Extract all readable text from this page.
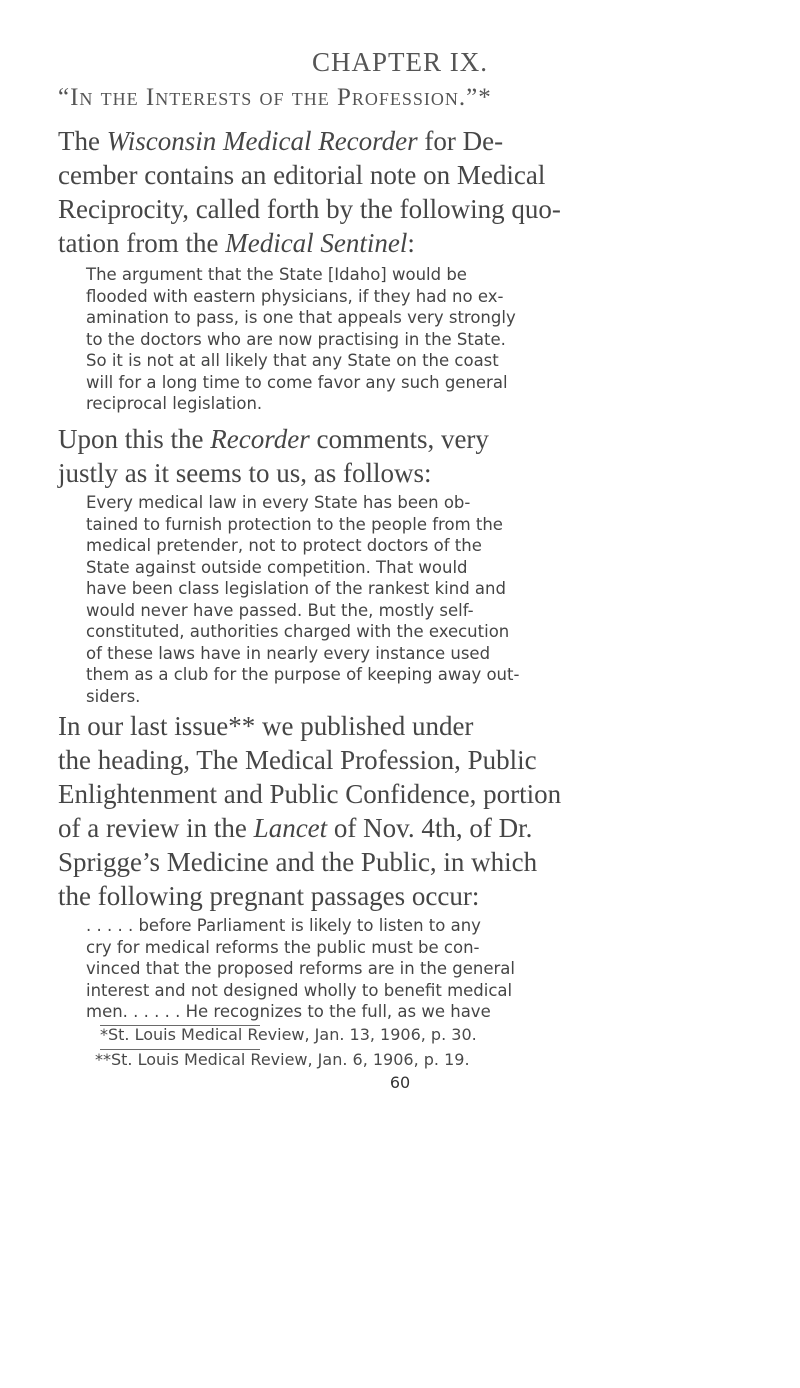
CHAPTER IX.
“In the Interests of the Profession.”*
The Wisconsin Medical Recorder for De-
cember contains an editorial note on Medical
Reciprocity, called forth by the following quo-
tation from the Medical Sentinel:
The argument that the State [Idaho] would be
flooded with eastern physicians, if they had no ex-
amination to pass, is one that appeals very strongly
to the doctors who are now practising in the State.
So it is not at all likely that any State on the coast
will for a long time to come favor any such general
reciprocal legislation.
Upon this the Recorder comments, very
justly as it seems to us, as follows:
Every medical law in every State has been ob-
tained to furnish protection to the people from the
medical pretender, not to protect doctors of the
State against outside competition. That would
have been class legislation of the rankest kind and
would never have passed. But the, mostly self-
constituted, authorities charged with the execution
of these laws have in nearly every instance used
them as a club for the purpose of keeping away out-
siders.
In our last issue** we published under
the heading, The Medical Profession, Public
Enlightenment and Public Confidence, portion
of a review in the Lancet of Nov. 4th, of Dr.
Sprigge’s Medicine and the Public, in which
the following pregnant passages occur:
. . . . . before Parliament is likely to listen to any
cry for medical reforms the public must be con-
vinced that the proposed reforms are in the general
interest and not designed wholly to benefit medical
men. . . . . . He recognizes to the full, as we have
*St. Louis Medical Review, Jan. 13, 1906, p. 30.
**St. Louis Medical Review, Jan. 6, 1906, p. 19.
60
